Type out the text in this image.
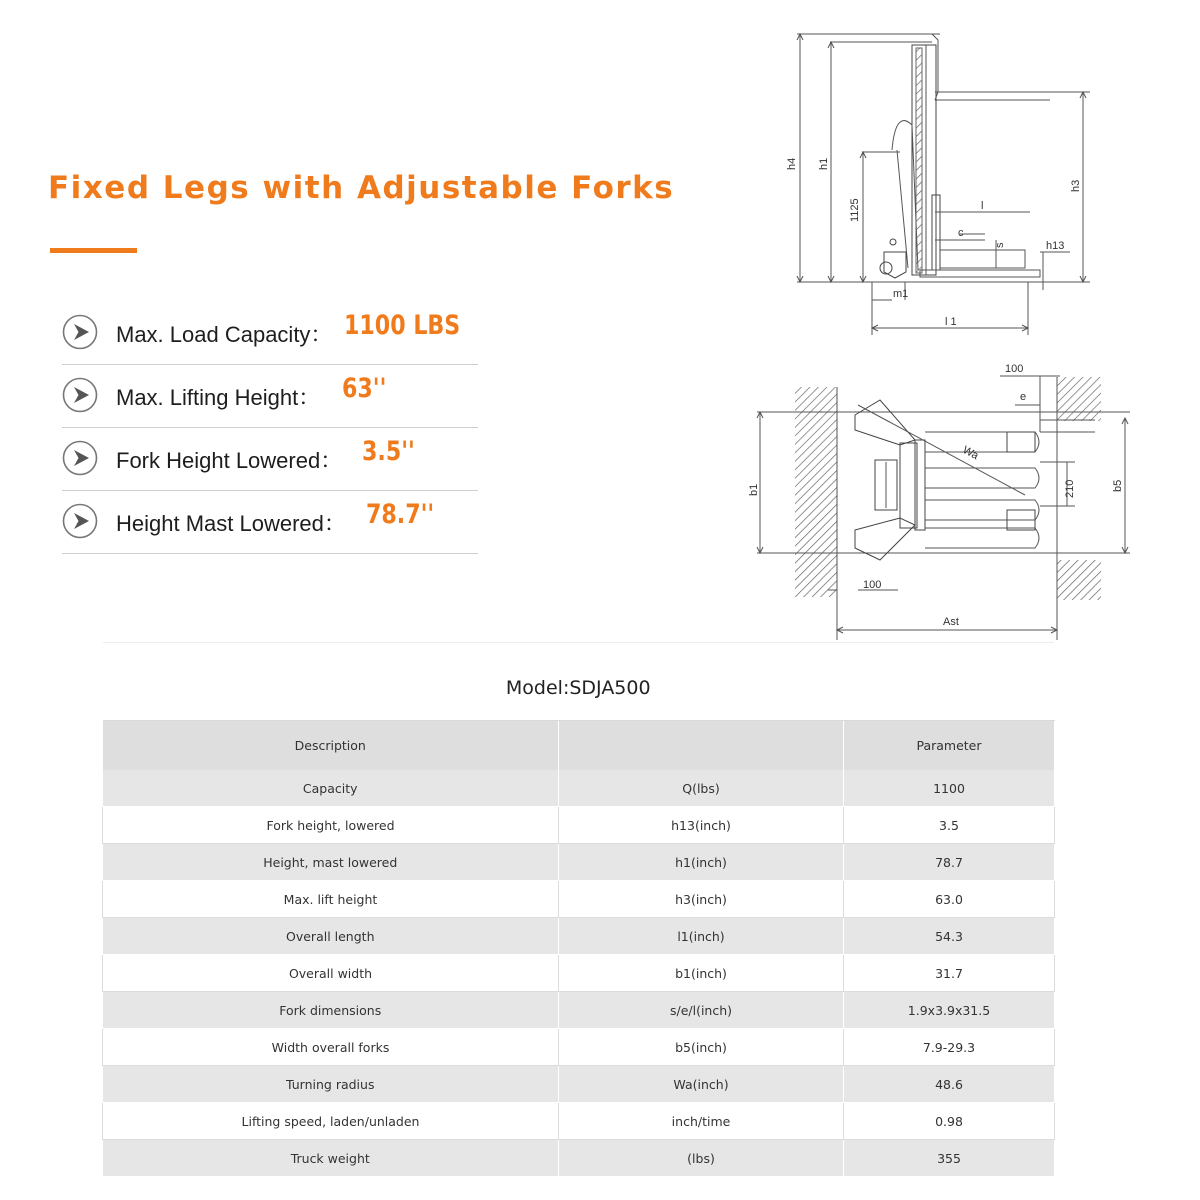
Fixed Legs with Adjustable Forks
Max. Load Capacity： 1100 LBS
Max. Lifting Height： 63''
Fork Height Lowered： 3.5''
Height Mast Lowered： 78.7''
h4 h1
1125
h3
l
c
s	h13
m1
l 1
100
e
Wa
b1	210	b5
100
Ast
Model:SDJA500		
Description		Parameter
Capacity	Q(lbs)	1100
Fork height, lowered	h13(inch)	3.5
Height, mast lowered	h1(inch)	78.7
Max. lift height	h3(inch)	63.0
Overall length	l1(inch)	54.3
Overall width	b1(inch)	31.7
Fork dimensions	s/e/l(inch)	1.9x3.9x31.5
Width overall forks	b5(inch)	7.9-29.3
Turning radius	Wa(inch)	48.6
Lifting speed, laden/unladen	inch/time	0.98
Truck weight	(lbs)	355
